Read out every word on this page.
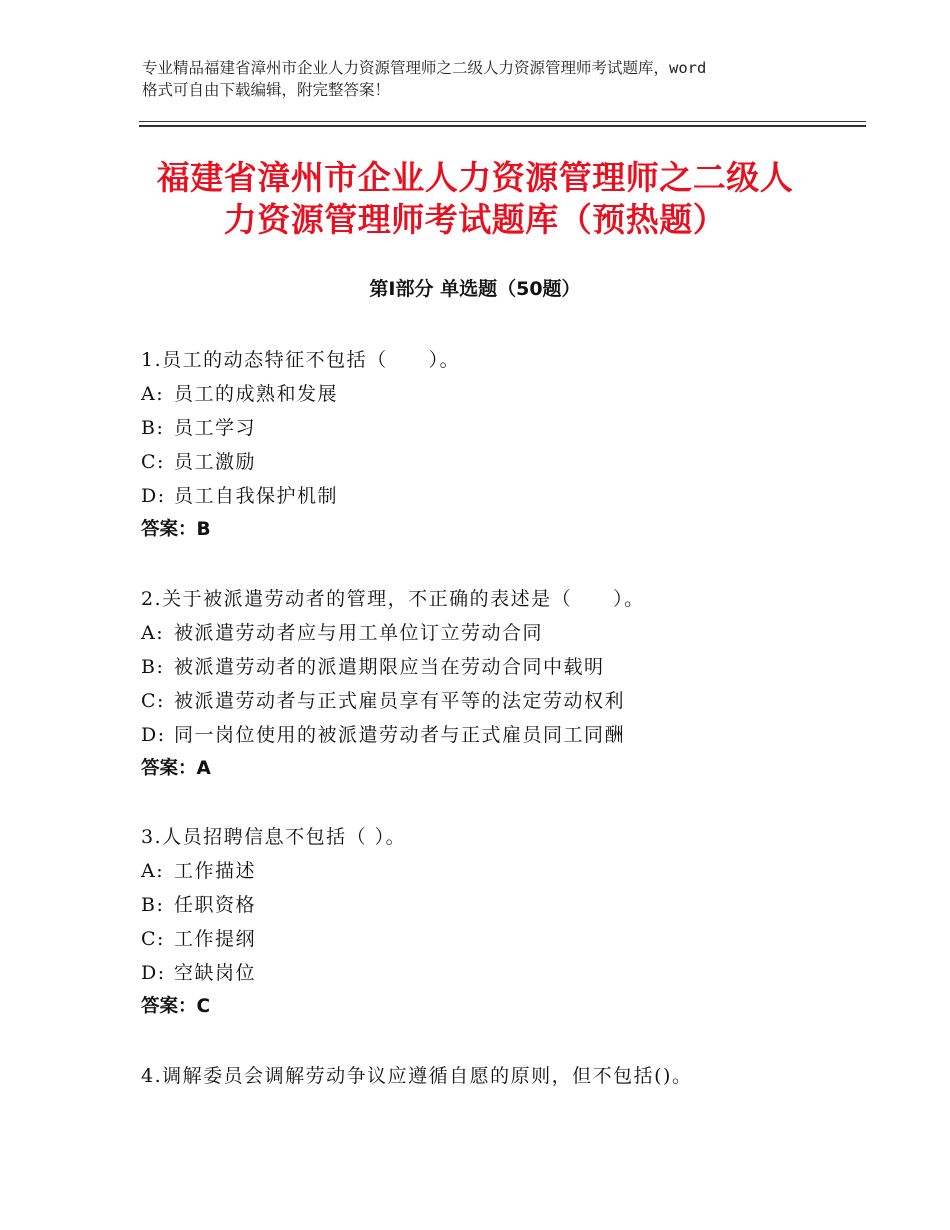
专业精品福建省漳州市企业人力资源管理师之二级人力资源管理师考试题库，word
格式可自由下载编辑，附完整答案！
福建省漳州市企业人力资源管理师之二级人
力资源管理师考试题库（预热题）
第Ⅰ部分 单选题（50题）
1.员工的动态特征不包括（　　）。
A: 员工的成熟和发展
B: 员工学习
C: 员工激励
D: 员工自我保护机制
答案：B
2.关于被派遣劳动者的管理，不正确的表述是（　　）。
A: 被派遣劳动者应与用工单位订立劳动合同
B: 被派遣劳动者的派遣期限应当在劳动合同中载明
C: 被派遣劳动者与正式雇员享有平等的法定劳动权利
D: 同一岗位使用的被派遣劳动者与正式雇员同工同酬
答案：A
3.人员招聘信息不包括（ ）。
A: 工作描述
B: 任职资格
C: 工作提纲
D: 空缺岗位
答案：C
4.调解委员会调解劳动争议应遵循自愿的原则，但不包括()。
